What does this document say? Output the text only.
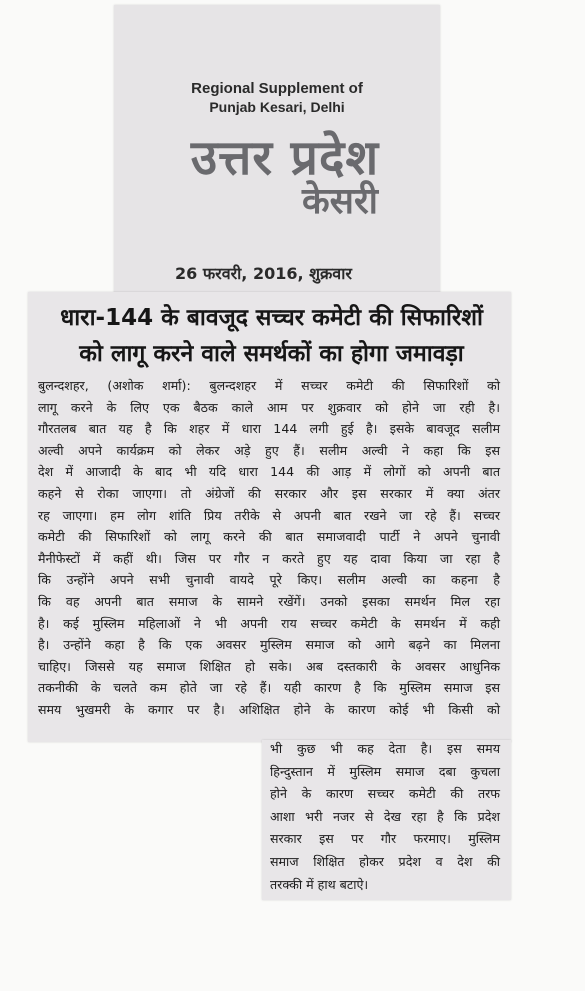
Regional Supplement of
Punjab Kesari, Delhi
उत्तर प्रदेश
केसरी
26 फरवरी, 2016, शुक्रवार
धारा-144 के बावजूद सच्चर कमेटी की सिफारिशों
को लागू करने वाले समर्थकों का होगा जमावड़ा
बुलन्दशहर, (अशोक शर्मा): बुलन्दशहर में सच्चर कमेटी की सिफारिशों को
लागू करने के लिए एक बैठक काले आम पर शुक्रवार को होने जा रही है।
गौरतलब बात यह है कि शहर में धारा 144 लगी हुई है। इसके बावजूद सलीम
अल्वी अपने कार्यक्रम को लेकर अड़े हुए हैं। सलीम अल्वी ने कहा कि इस
देश में आजादी के बाद भी यदि धारा 144 की आड़ में लोगों को अपनी बात
कहने से रोका जाएगा। तो अंग्रेजों की सरकार और इस सरकार में क्या अंतर
रह जाएगा। हम लोग शांति प्रिय तरीके से अपनी बात रखने जा रहे हैं। सच्चर
कमेटी की सिफारिशों को लागू करने की बात समाजवादी पार्टी ने अपने चुनावी
मैनीफेस्टों में कहीं थी। जिस पर गौर न करते हुए यह दावा किया जा रहा है
कि उन्होंने अपने सभी चुनावी वायदे पूरे किए। सलीम अल्वी का कहना है
कि वह अपनी बात समाज के सामने रखेंगें। उनको इसका समर्थन मिल रहा
है। कई मुस्लिम महिलाओं ने भी अपनी राय सच्चर कमेटी के समर्थन में कही
है। उन्होंने कहा है कि एक अवसर मुस्लिम समाज को आगे बढ़ने का मिलना
चाहिए। जिससे यह समाज शिक्षित हो सके। अब दस्तकारी के अवसर आधुनिक
तकनीकी के चलते कम होते जा रहे हैं। यही कारण है कि मुस्लिम समाज इस
समय भुखमरी के कगार पर है। अशिक्षित होने के कारण कोई भी किसी को
भी कुछ भी कह देता है। इस समय
हिन्दुस्तान में मुस्लिम समाज दबा कुचला
होने के कारण सच्चर कमेटी की तरफ
आशा भरी नजर से देख रहा है कि प्रदेश
सरकार इस पर गौर फरमाए। मुस्लिम
समाज शिक्षित होकर प्रदेश व देश की
तरक्की में हाथ बटाऐ।
